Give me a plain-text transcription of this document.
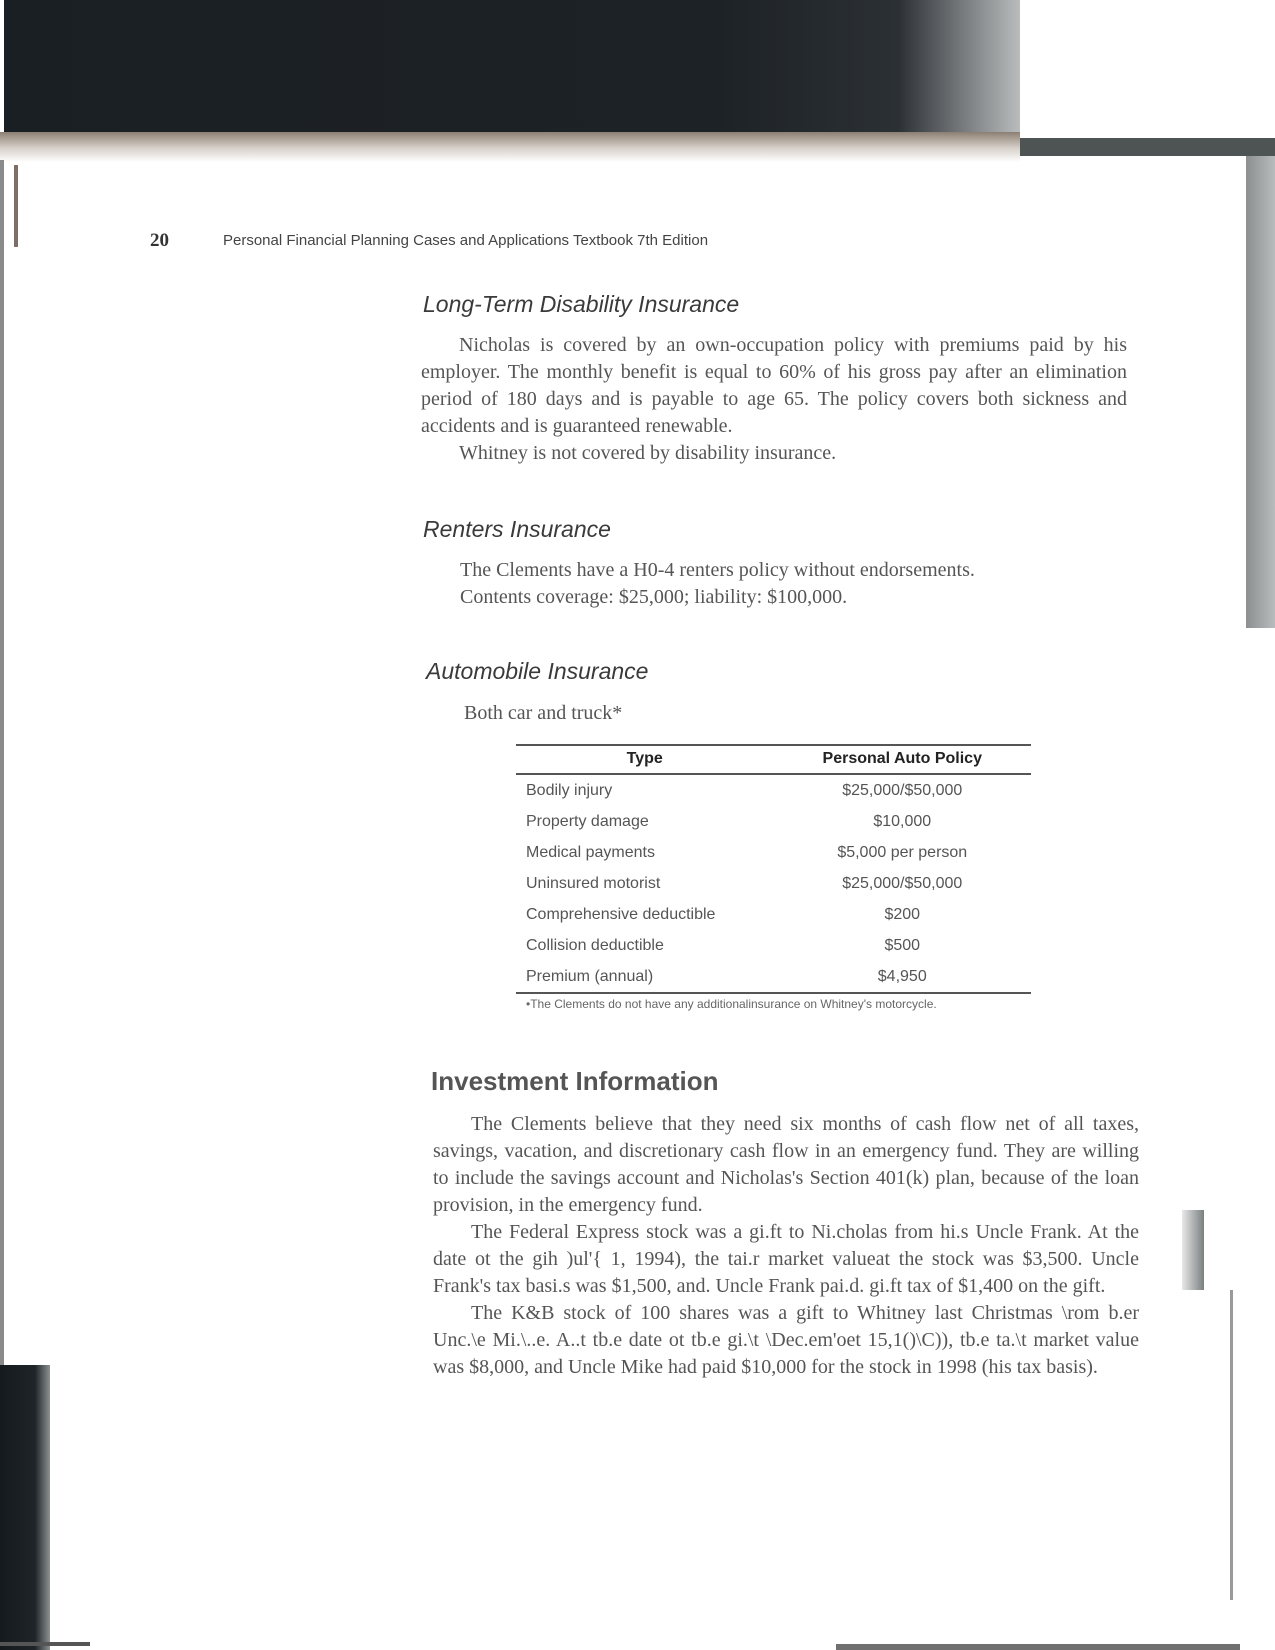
20	Personal Financial Planning Cases and Applications Textbook 7th Edition
Long-Term Disability Insurance

Nicholas is covered by an own-occupation policy with premiums paid by his employer. The monthly benefit is equal to 60% of his gross pay after an elimination period of 180 days and is payable to age 65. The policy covers both sickness and accidents and is guaranteed renewable.

Whitney is not covered by disability insurance.

Renters Insurance

The Clements have a H0-4 renters policy without endorsements.

Contents coverage: $25,000; liability: $100,000.

Automobile Insurance
Both car and truck*
Type	Personal Auto Policy
Bodily injury	$25,000/$50,000
Property damage	$10,000
Medical payments	$5,000 per person
Uninsured motorist	$25,000/$50,000
Comprehensive deductible	$200
Collision deductible	$500
Premium (annual)	$4,950
•The Clements do not have any additionalinsurance on Whitney's motorcycle.
Investment Information

The Clements believe that they need six months of cash flow net of all taxes, savings, vacation, and discretionary cash flow in an emergency fund. They are willing to include the savings account and Nicholas's Section 401(k) plan, because of the loan provision, in the emergency fund.

The Federal Express stock was a gi.ft to Ni.cholas from hi.s Uncle Frank. At the date ot the gih )ul'{ 1, 1994), the tai.r market valueat the stock was $3,500. Uncle Frank's tax basi.s was $1,500, and. Uncle Frank pai.d. gi.ft tax of $1,400 on the gift.

The K&B stock of 100 shares was a gift to Whitney last Christmas \rom b.er Unc.\e Mi.\..e. A..t tb.e date ot tb.e gi.\t \Dec.em'oet 15,1()\C)), tb.e ta.\t market value was $8,000, and Uncle Mike had paid $10,000 for the stock in 1998 (his tax basis).
